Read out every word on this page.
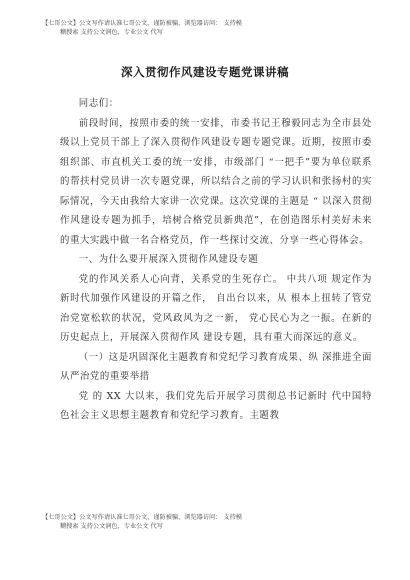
【七哥公文】公文写作请认准七哥公文，谨防被骗，浏览器访问： 支持模
糊搜索 支持公文润色，专业公文 代写
深入贯彻作风建设专题党课讲稿

同志们：

前段时间，按照市委的统一安排，市委书记王穆毅同志为全市县处级以上党员干部上了深入贯彻作风建设专题专题党课。近期，按照市委组织部、市直机关工委的统一安排，市级部门 “一把手”要为单位联系的帮扶村党员讲一次专题党课，所以结合之前的学习认识和张扬村的实际情况，今天由我给大家讲一次党课。这次党课的主题是 “ 以深入贯彻作风建设专题为抓手，培树合格党员新典范”，在创造图乐村美好未来的重大实践中做一名合格党员，作一些探讨交流、分享一些心得体会。

一、为什么要开展深入贯彻作风建设专题

党的作风关系人心向背，关系党的生死存亡。 中共八项 规定作为新时代加强作风建设的开篇之作， 自出台以来，从 根本上扭转了管党治党宽松软的状况，党风政风为之一新， 党心民心为之一振。在新的历史起点上，开展深入贯彻作风 建设专题，具有重大而深远的意义。

（一）这是巩固深化主题教育和党纪学习教育成果、纵 深推进全面从严治党的重要举措

党 的 XX 大以来，我们党先后开展学习贯彻总书记新时 代中国特色社会主义思想主题教育和党纪学习教育。主题教

【七哥公文】公文写作请认准七哥公文，谨防被骗，浏览器访问： 支持模
糊搜索 支持公文润色，专业公文 代写
